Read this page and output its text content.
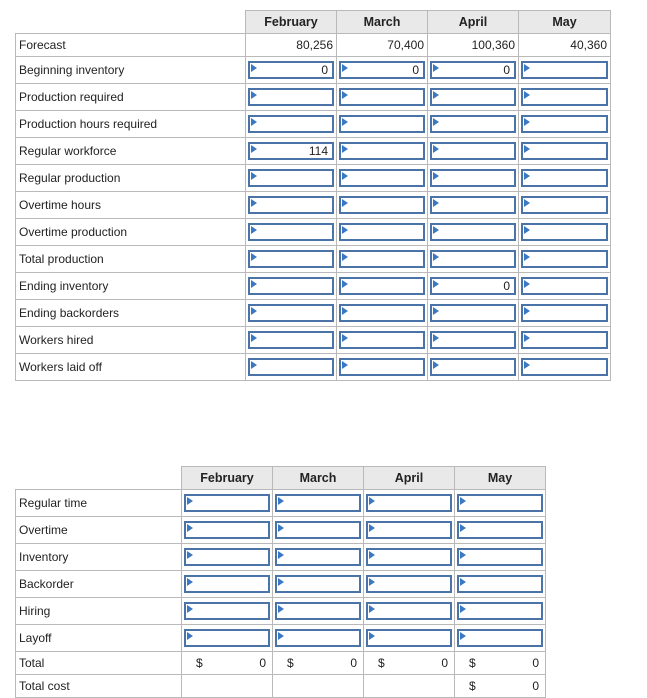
	February	March	April	May
Forecast	80,256	70,400	100,360	40,360
Beginning inventory	0	0	0	

Production required	

Production hours required	

Regular workforce	114			

Regular production	

Overtime hours	

Overtime production	

Total production	

Ending inventory			0	

Ending backorders	

Workers hired	

Workers laid off	

	February	March	April	May
Regular time	

Overtime	

Inventory	

Backorder	

Hiring	

Layoff	

Total	$ 0	$ 0	$ 0	$ 0

Total cost				$ 0
